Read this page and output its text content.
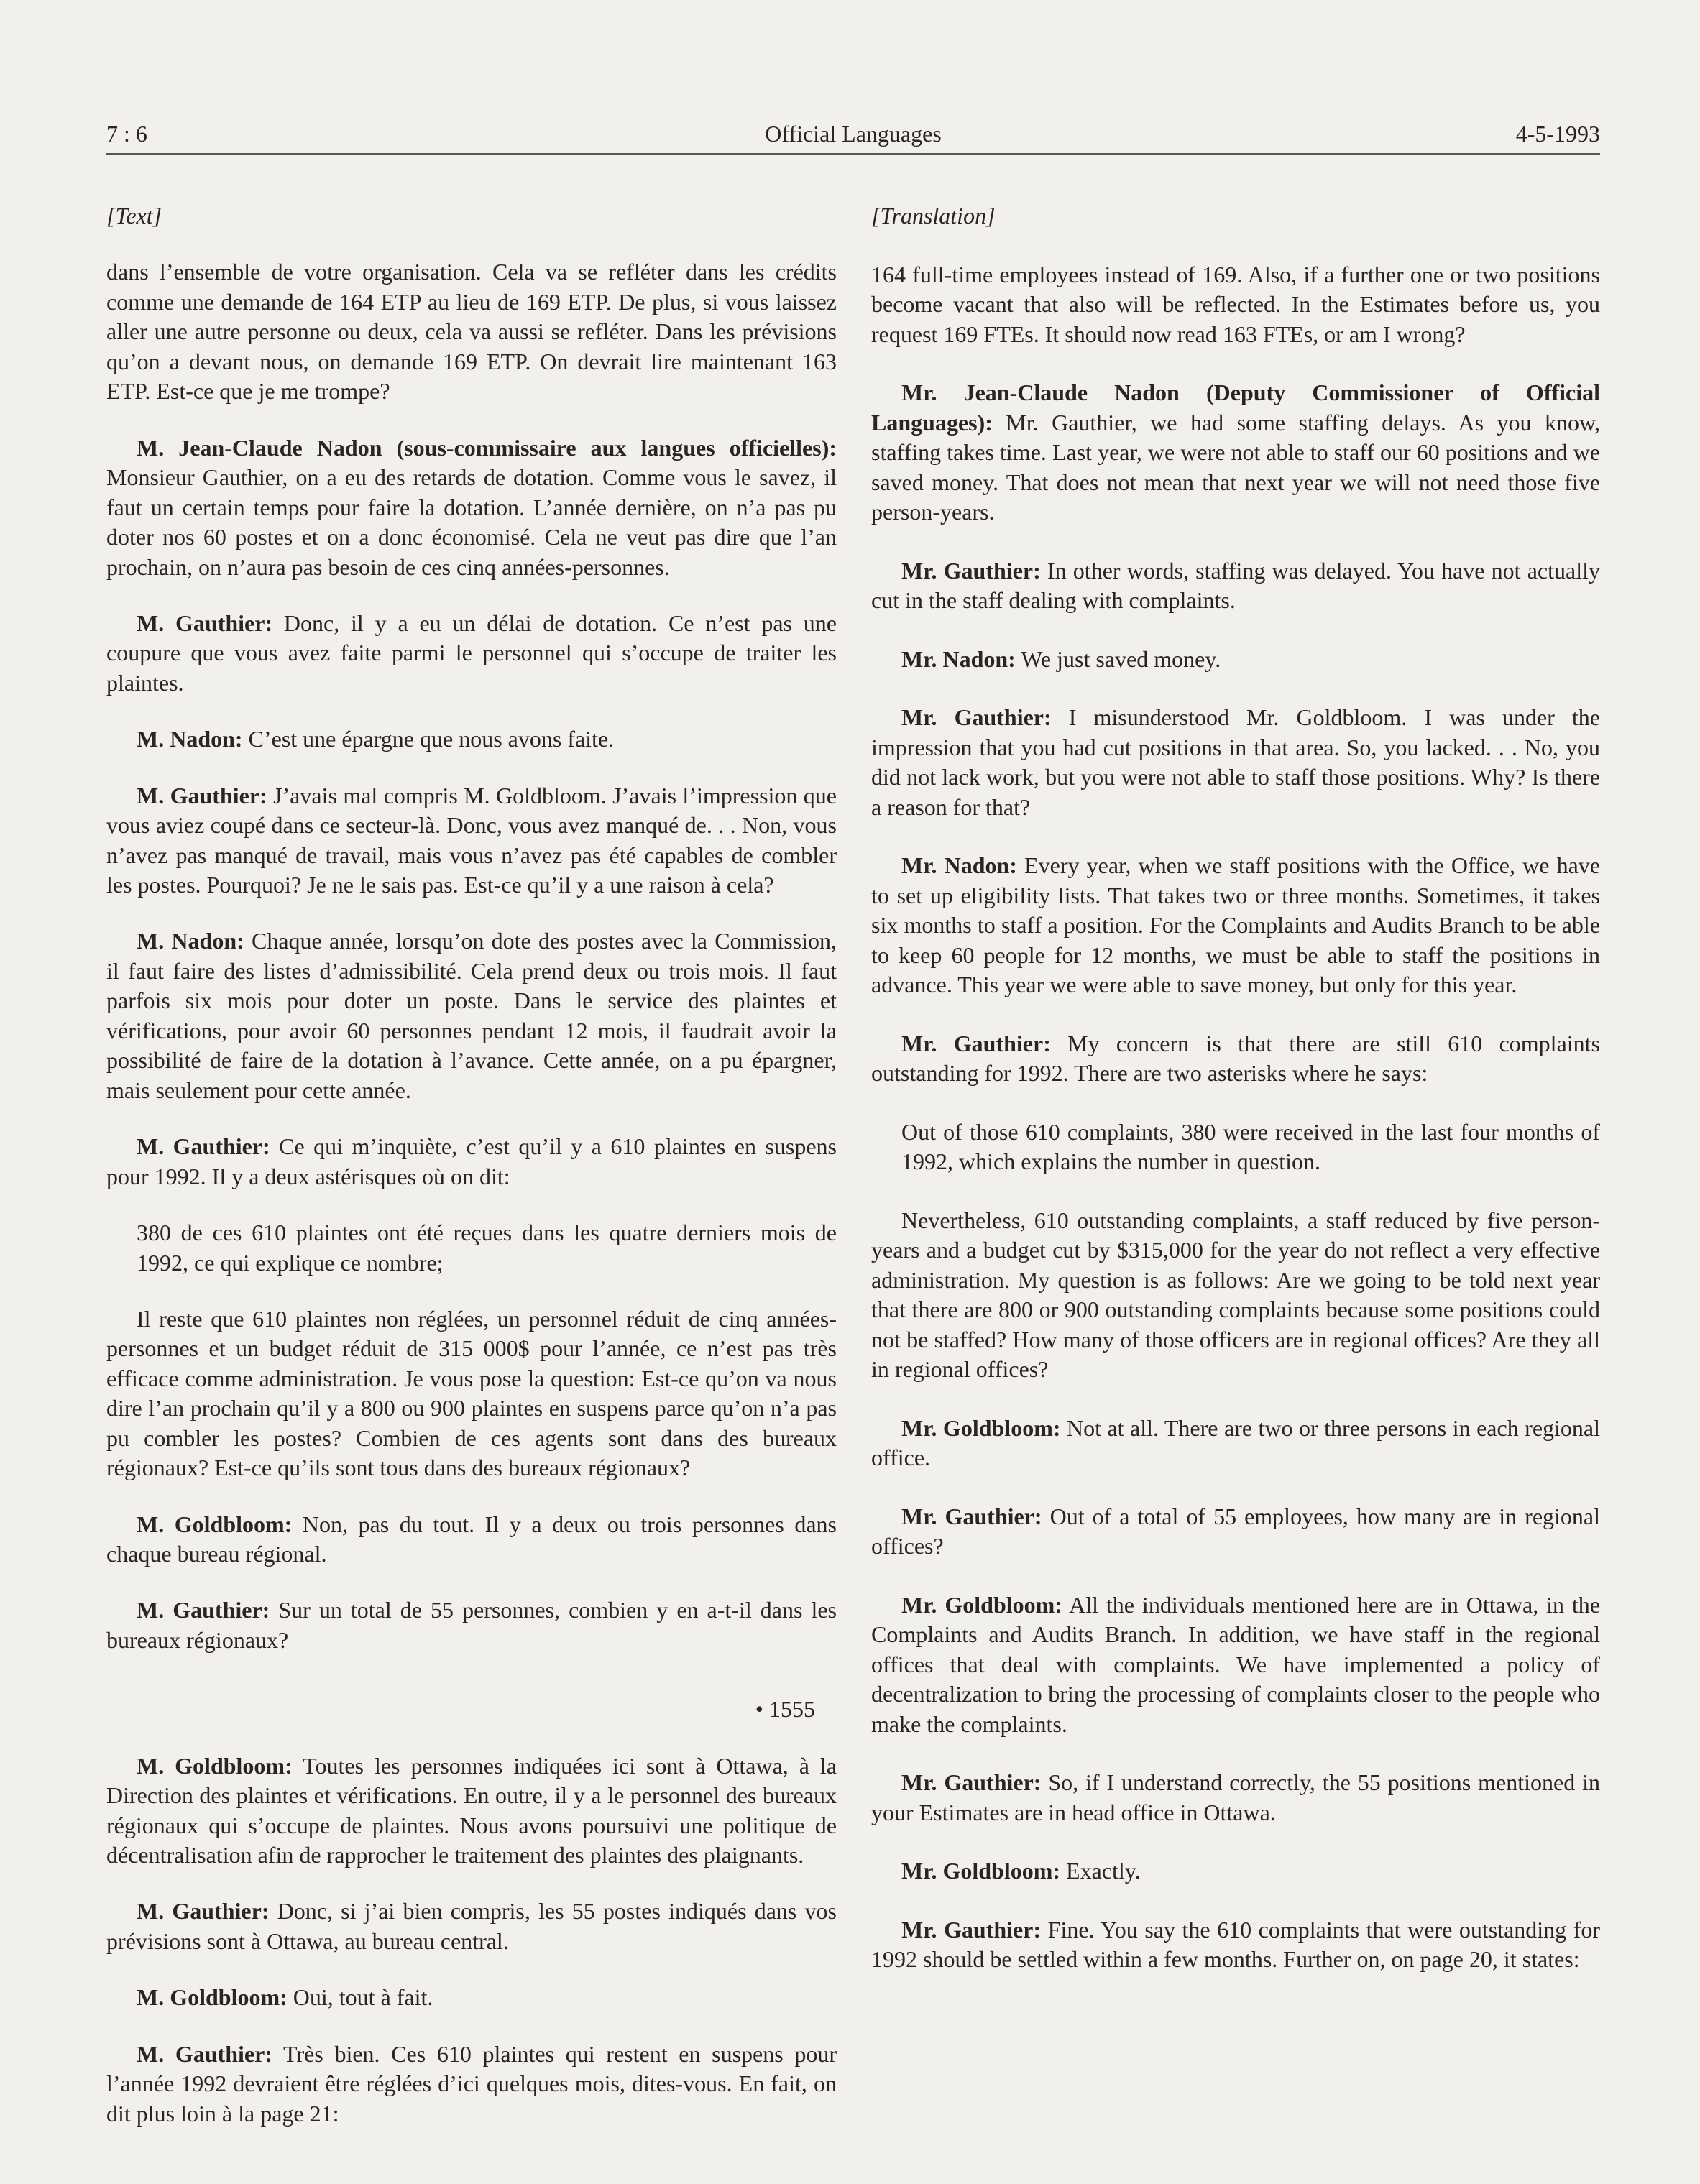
7 : 6	Official Languages	4-5-1993

[Text]

dans l’ensemble de votre organisation. Cela va se refléter dans les crédits comme une demande de 164 ETP au lieu de 169 ETP. De plus, si vous laissez aller une autre personne ou deux, cela va aussi se refléter. Dans les prévisions qu’on a devant nous, on demande 169 ETP. On devrait lire maintenant 163 ETP. Est-ce que je me trompe?

M. Jean-Claude Nadon (sous-commissaire aux langues officielles): Monsieur Gauthier, on a eu des retards de dotation. Comme vous le savez, il faut un certain temps pour faire la dotation. L’année dernière, on n’a pas pu doter nos 60 postes et on a donc économisé. Cela ne veut pas dire que l’an prochain, on n’aura pas besoin de ces cinq années-personnes.

M. Gauthier: Donc, il y a eu un délai de dotation. Ce n’est pas une coupure que vous avez faite parmi le personnel qui s’occupe de traiter les plaintes.

M. Nadon: C’est une épargne que nous avons faite.

M. Gauthier: J’avais mal compris M. Goldbloom. J’avais l’impression que vous aviez coupé dans ce secteur-là. Donc, vous avez manqué de. . . Non, vous n’avez pas manqué de travail, mais vous n’avez pas été capables de combler les postes. Pourquoi? Je ne le sais pas. Est-ce qu’il y a une raison à cela?

M. Nadon: Chaque année, lorsqu’on dote des postes avec la Commission, il faut faire des listes d’admissibilité. Cela prend deux ou trois mois. Il faut parfois six mois pour doter un poste. Dans le service des plaintes et vérifications, pour avoir 60 personnes pendant 12 mois, il faudrait avoir la possibilité de faire de la dotation à l’avance. Cette année, on a pu épargner, mais seulement pour cette année.

M. Gauthier: Ce qui m’inquiète, c’est qu’il y a 610 plaintes en suspens pour 1992. Il y a deux astérisques où on dit:

380 de ces 610 plaintes ont été reçues dans les quatre derniers mois de 1992, ce qui explique ce nombre;

Il reste que 610 plaintes non réglées, un personnel réduit de cinq années-personnes et un budget réduit de 315 000$ pour l’année, ce n’est pas très efficace comme administration. Je vous pose la question: Est-ce qu’on va nous dire l’an prochain qu’il y a 800 ou 900 plaintes en suspens parce qu’on n’a pas pu combler les postes? Combien de ces agents sont dans des bureaux régionaux? Est-ce qu’ils sont tous dans des bureaux régionaux?

M. Goldbloom: Non, pas du tout. Il y a deux ou trois personnes dans chaque bureau régional.

M. Gauthier: Sur un total de 55 personnes, combien y en a-t-il dans les bureaux régionaux?

• 1555

M. Goldbloom: Toutes les personnes indiquées ici sont à Ottawa, à la Direction des plaintes et vérifications. En outre, il y a le personnel des bureaux régionaux qui s’occupe de plaintes. Nous avons poursuivi une politique de décentralisation afin de rapprocher le traitement des plaintes des plaignants.

M. Gauthier: Donc, si j’ai bien compris, les 55 postes indiqués dans vos prévisions sont à Ottawa, au bureau central.

M. Goldbloom: Oui, tout à fait.

M. Gauthier: Très bien. Ces 610 plaintes qui restent en suspens pour l’année 1992 devraient être réglées d’ici quelques mois, dites-vous. En fait, on dit plus loin à la page 21:

[Translation]

164 full-time employees instead of 169. Also, if a further one or two positions become vacant that also will be reflected. In the Estimates before us, you request 169 FTEs. It should now read 163 FTEs, or am I wrong?

Mr. Jean-Claude Nadon (Deputy Commissioner of Official Languages): Mr. Gauthier, we had some staffing delays. As you know, staffing takes time. Last year, we were not able to staff our 60 positions and we saved money. That does not mean that next year we will not need those five person-years.

Mr. Gauthier: In other words, staffing was delayed. You have not actually cut in the staff dealing with complaints.

Mr. Nadon: We just saved money.

Mr. Gauthier: I misunderstood Mr. Goldbloom. I was under the impression that you had cut positions in that area. So, you lacked. . . No, you did not lack work, but you were not able to staff those positions. Why? Is there a reason for that?

Mr. Nadon: Every year, when we staff positions with the Office, we have to set up eligibility lists. That takes two or three months. Sometimes, it takes six months to staff a position. For the Complaints and Audits Branch to be able to keep 60 people for 12 months, we must be able to staff the positions in advance. This year we were able to save money, but only for this year.

Mr. Gauthier: My concern is that there are still 610 complaints outstanding for 1992. There are two asterisks where he says:

Out of those 610 complaints, 380 were received in the last four months of 1992, which explains the number in question.

Nevertheless, 610 outstanding complaints, a staff reduced by five person-years and a budget cut by $315,000 for the year do not reflect a very effective administration. My question is as follows: Are we going to be told next year that there are 800 or 900 outstanding complaints because some positions could not be staffed? How many of those officers are in regional offices? Are they all in regional offices?

Mr. Goldbloom: Not at all. There are two or three persons in each regional office.

Mr. Gauthier: Out of a total of 55 employees, how many are in regional offices?

Mr. Goldbloom: All the individuals mentioned here are in Ottawa, in the Complaints and Audits Branch. In addition, we have staff in the regional offices that deal with complaints. We have implemented a policy of decentralization to bring the processing of complaints closer to the people who make the complaints.

Mr. Gauthier: So, if I understand correctly, the 55 positions mentioned in your Estimates are in head office in Ottawa.

Mr. Goldbloom: Exactly.

Mr. Gauthier: Fine. You say the 610 complaints that were outstanding for 1992 should be settled within a few months. Further on, on page 20, it states:
